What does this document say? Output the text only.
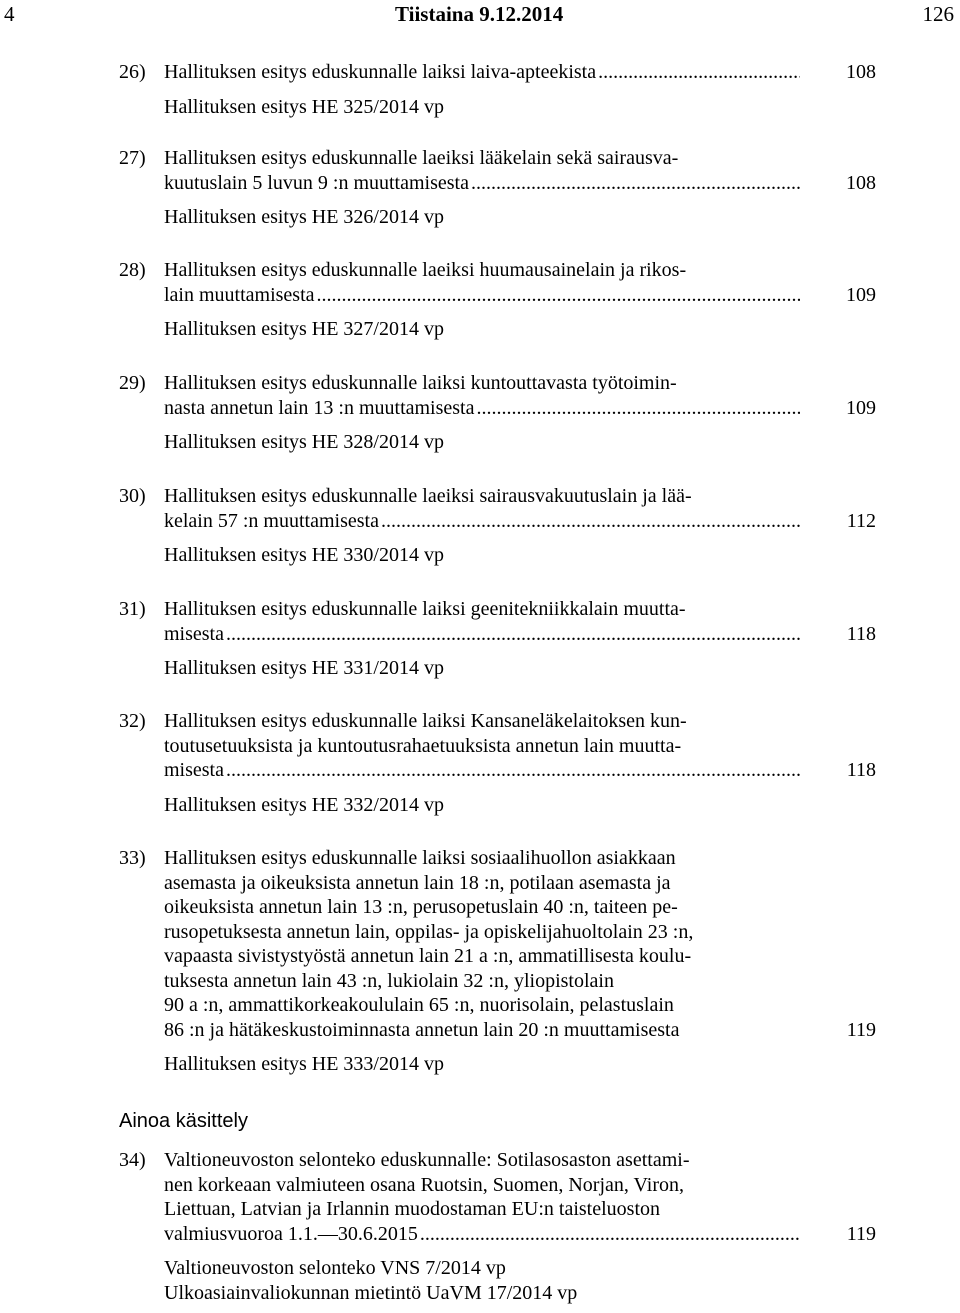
4	Tiistaina 9.12.2014	126
Ainoa käsittely
26) Hallituksen esitys eduskunnalle laiksi laiva-apteekista .....	108
Hallituksen esitys HE 325/2014 vp
27) Hallituksen esitys eduskunnalle laeiksi lääkelain sekä sairausva-
kuutuslain 5 luvun 9 :n muuttamisesta .....	108
Hallituksen esitys HE 326/2014 vp
28) Hallituksen esitys eduskunnalle laeiksi huumausainelain ja rikos-
lain muuttamisesta .....	109
Hallituksen esitys HE 327/2014 vp
29) Hallituksen esitys eduskunnalle laiksi kuntouttavasta työtoimin-
nasta annetun lain 13 :n muuttamisesta .....	109
Hallituksen esitys HE 328/2014 vp
30) Hallituksen esitys eduskunnalle laeiksi sairausvakuutuslain ja lää-
kelain 57 :n muuttamisesta .....	112
Hallituksen esitys HE 330/2014 vp
31) Hallituksen esitys eduskunnalle laiksi geenitekniikkalain muutta-
misesta .....	118
Hallituksen esitys HE 331/2014 vp
32) Hallituksen esitys eduskunnalle laiksi Kansaneläkelaitoksen kun-
toutusetuuksista ja kuntoutusrahaetuuksista annetun lain muutta-
misesta .....	118
Hallituksen esitys HE 332/2014 vp
33) Hallituksen esitys eduskunnalle laiksi sosiaalihuollon asiakkaan
asemasta ja oikeuksista annetun lain 18 :n, potilaan asemasta ja
oikeuksista annetun lain 13 :n, perusopetuslain 40 :n, taiteen pe-
rusopetuksesta annetun lain, oppilas- ja opiskelijahuoltolain 23 :n,
vapaasta sivistystyöstä annetun lain 21 a :n, ammatillisesta koulu-
tuksesta annetun lain 43 :n, lukiolain 32 :n, yliopistolain
90 a :n, ammattikorkeakoululain 65 :n, nuorisolain, pelastuslain
86 :n ja hätäkeskustoiminnasta annetun lain 20 :n muuttamisesta	119
Hallituksen esitys HE 333/2014 vp
34) Valtioneuvoston selonteko eduskunnalle: Sotilasosaston asettami-
nen korkeaan valmiuteen osana Ruotsin, Suomen, Norjan, Viron,
Liettuan, Latvian ja Irlannin muodostaman EU:n taisteluoston
valmiusvuoroa 1.1.—30.6.2015 .....	119
Valtioneuvoston selonteko VNS 7/2014 vp
Ulkoasiainvaliokunnan mietintö UaVM 17/2014 vp
